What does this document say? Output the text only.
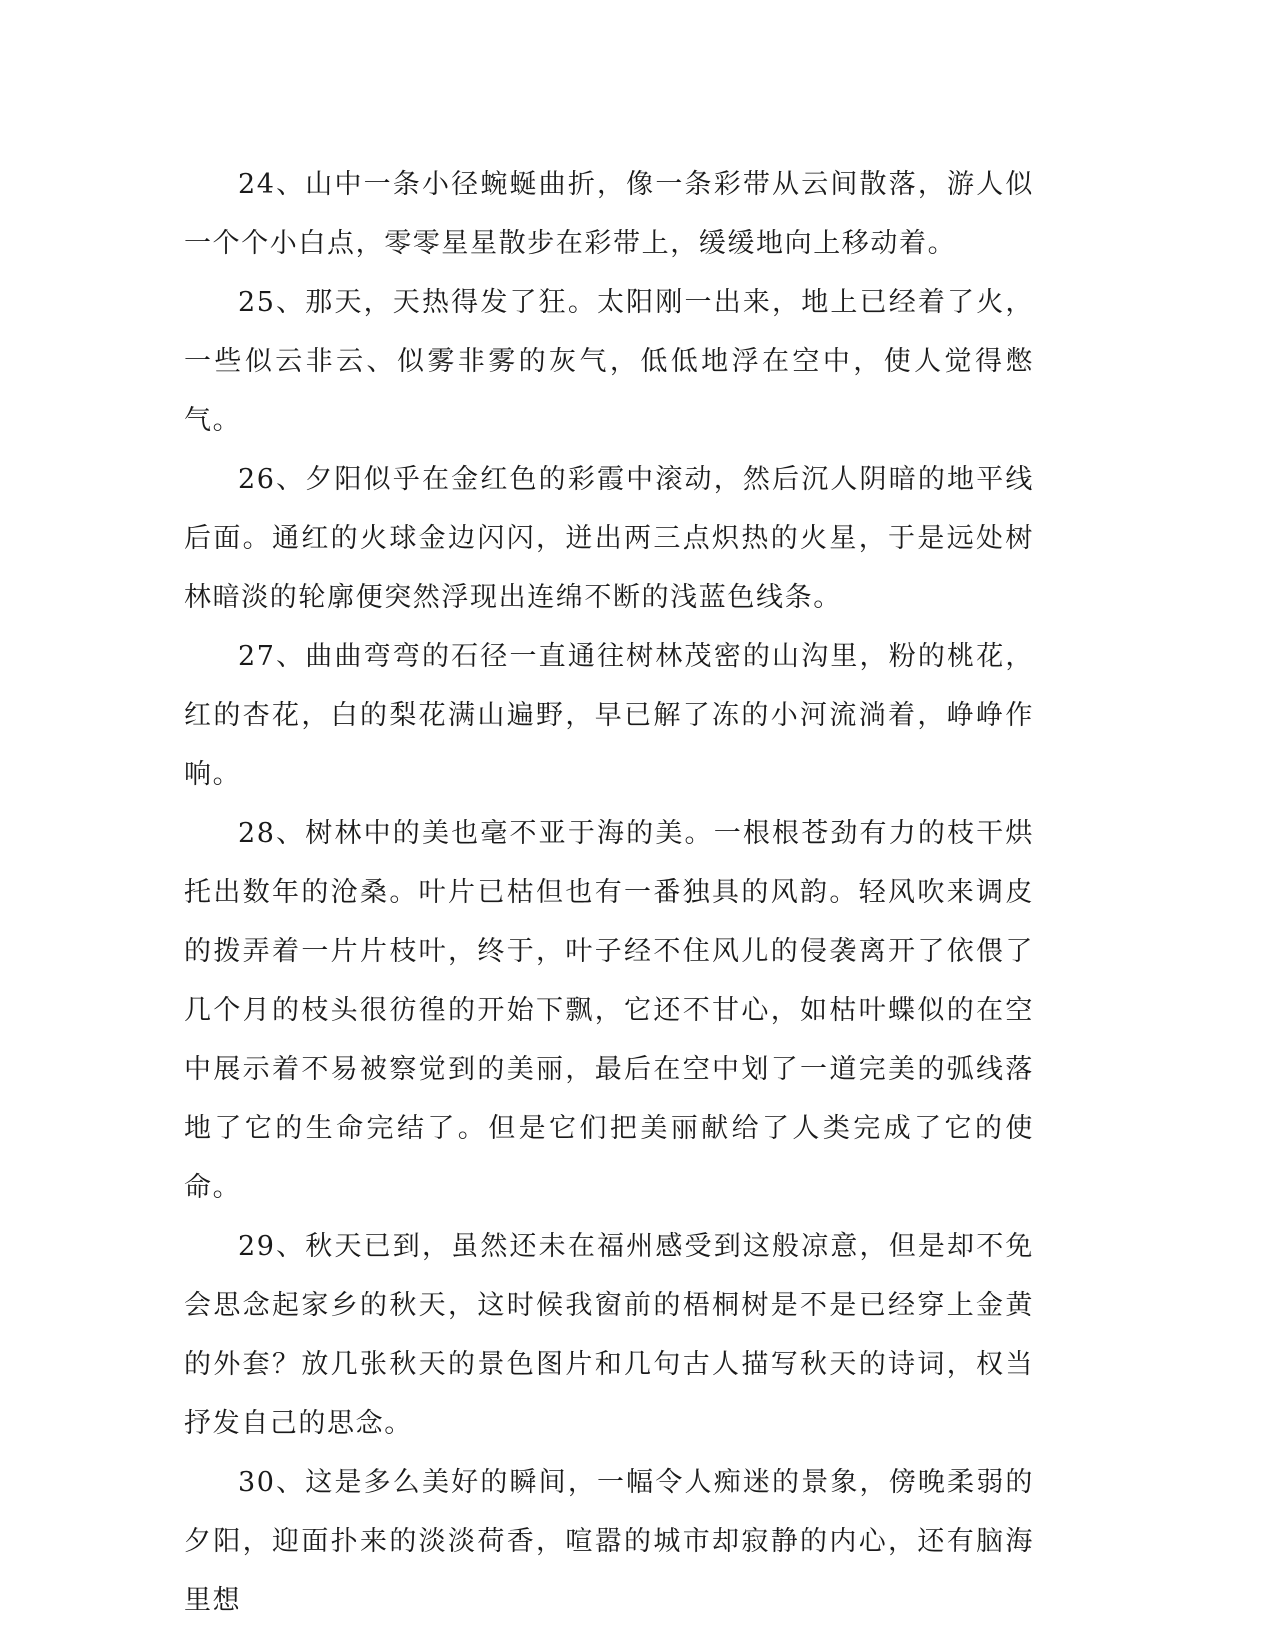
24、山中一条小径蜿蜒曲折，像一条彩带从云间散落，游人似一个个小白点，零零星星散步在彩带上，缓缓地向上移动着。

25、那天，天热得发了狂。太阳刚一出来，地上已经着了火，一些似云非云、似雾非雾的灰气，低低地浮在空中，使人觉得憋气。

26、夕阳似乎在金红色的彩霞中滚动，然后沉人阴暗的地平线后面。通红的火球金边闪闪，迸出两三点炽热的火星，于是远处树林暗淡的轮廓便突然浮现出连绵不断的浅蓝色线条。

27、曲曲弯弯的石径一直通往树林茂密的山沟里，粉的桃花，红的杏花，白的梨花满山遍野，早已解了冻的小河流淌着，峥峥作响。

28、树林中的美也毫不亚于海的美。一根根苍劲有力的枝干烘托出数年的沧桑。叶片已枯但也有一番独具的风韵。轻风吹来调皮的拨弄着一片片枝叶，终于，叶子经不住风儿的侵袭离开了依偎了几个月的枝头很彷徨的开始下飘，它还不甘心，如枯叶蝶似的在空中展示着不易被察觉到的美丽，最后在空中划了一道完美的弧线落地了它的生命完结了。但是它们把美丽献给了人类完成了它的使命。

29、秋天已到，虽然还未在福州感受到这般凉意，但是却不免会思念起家乡的秋天，这时候我窗前的梧桐树是不是已经穿上金黄的外套？放几张秋天的景色图片和几句古人描写秋天的诗词，权当抒发自己的思念。

30、这是多么美好的瞬间，一幅令人痴迷的景象，傍晚柔弱的夕阳，迎面扑来的淡淡荷香，喧嚣的城市却寂静的内心，还有脑海里想
